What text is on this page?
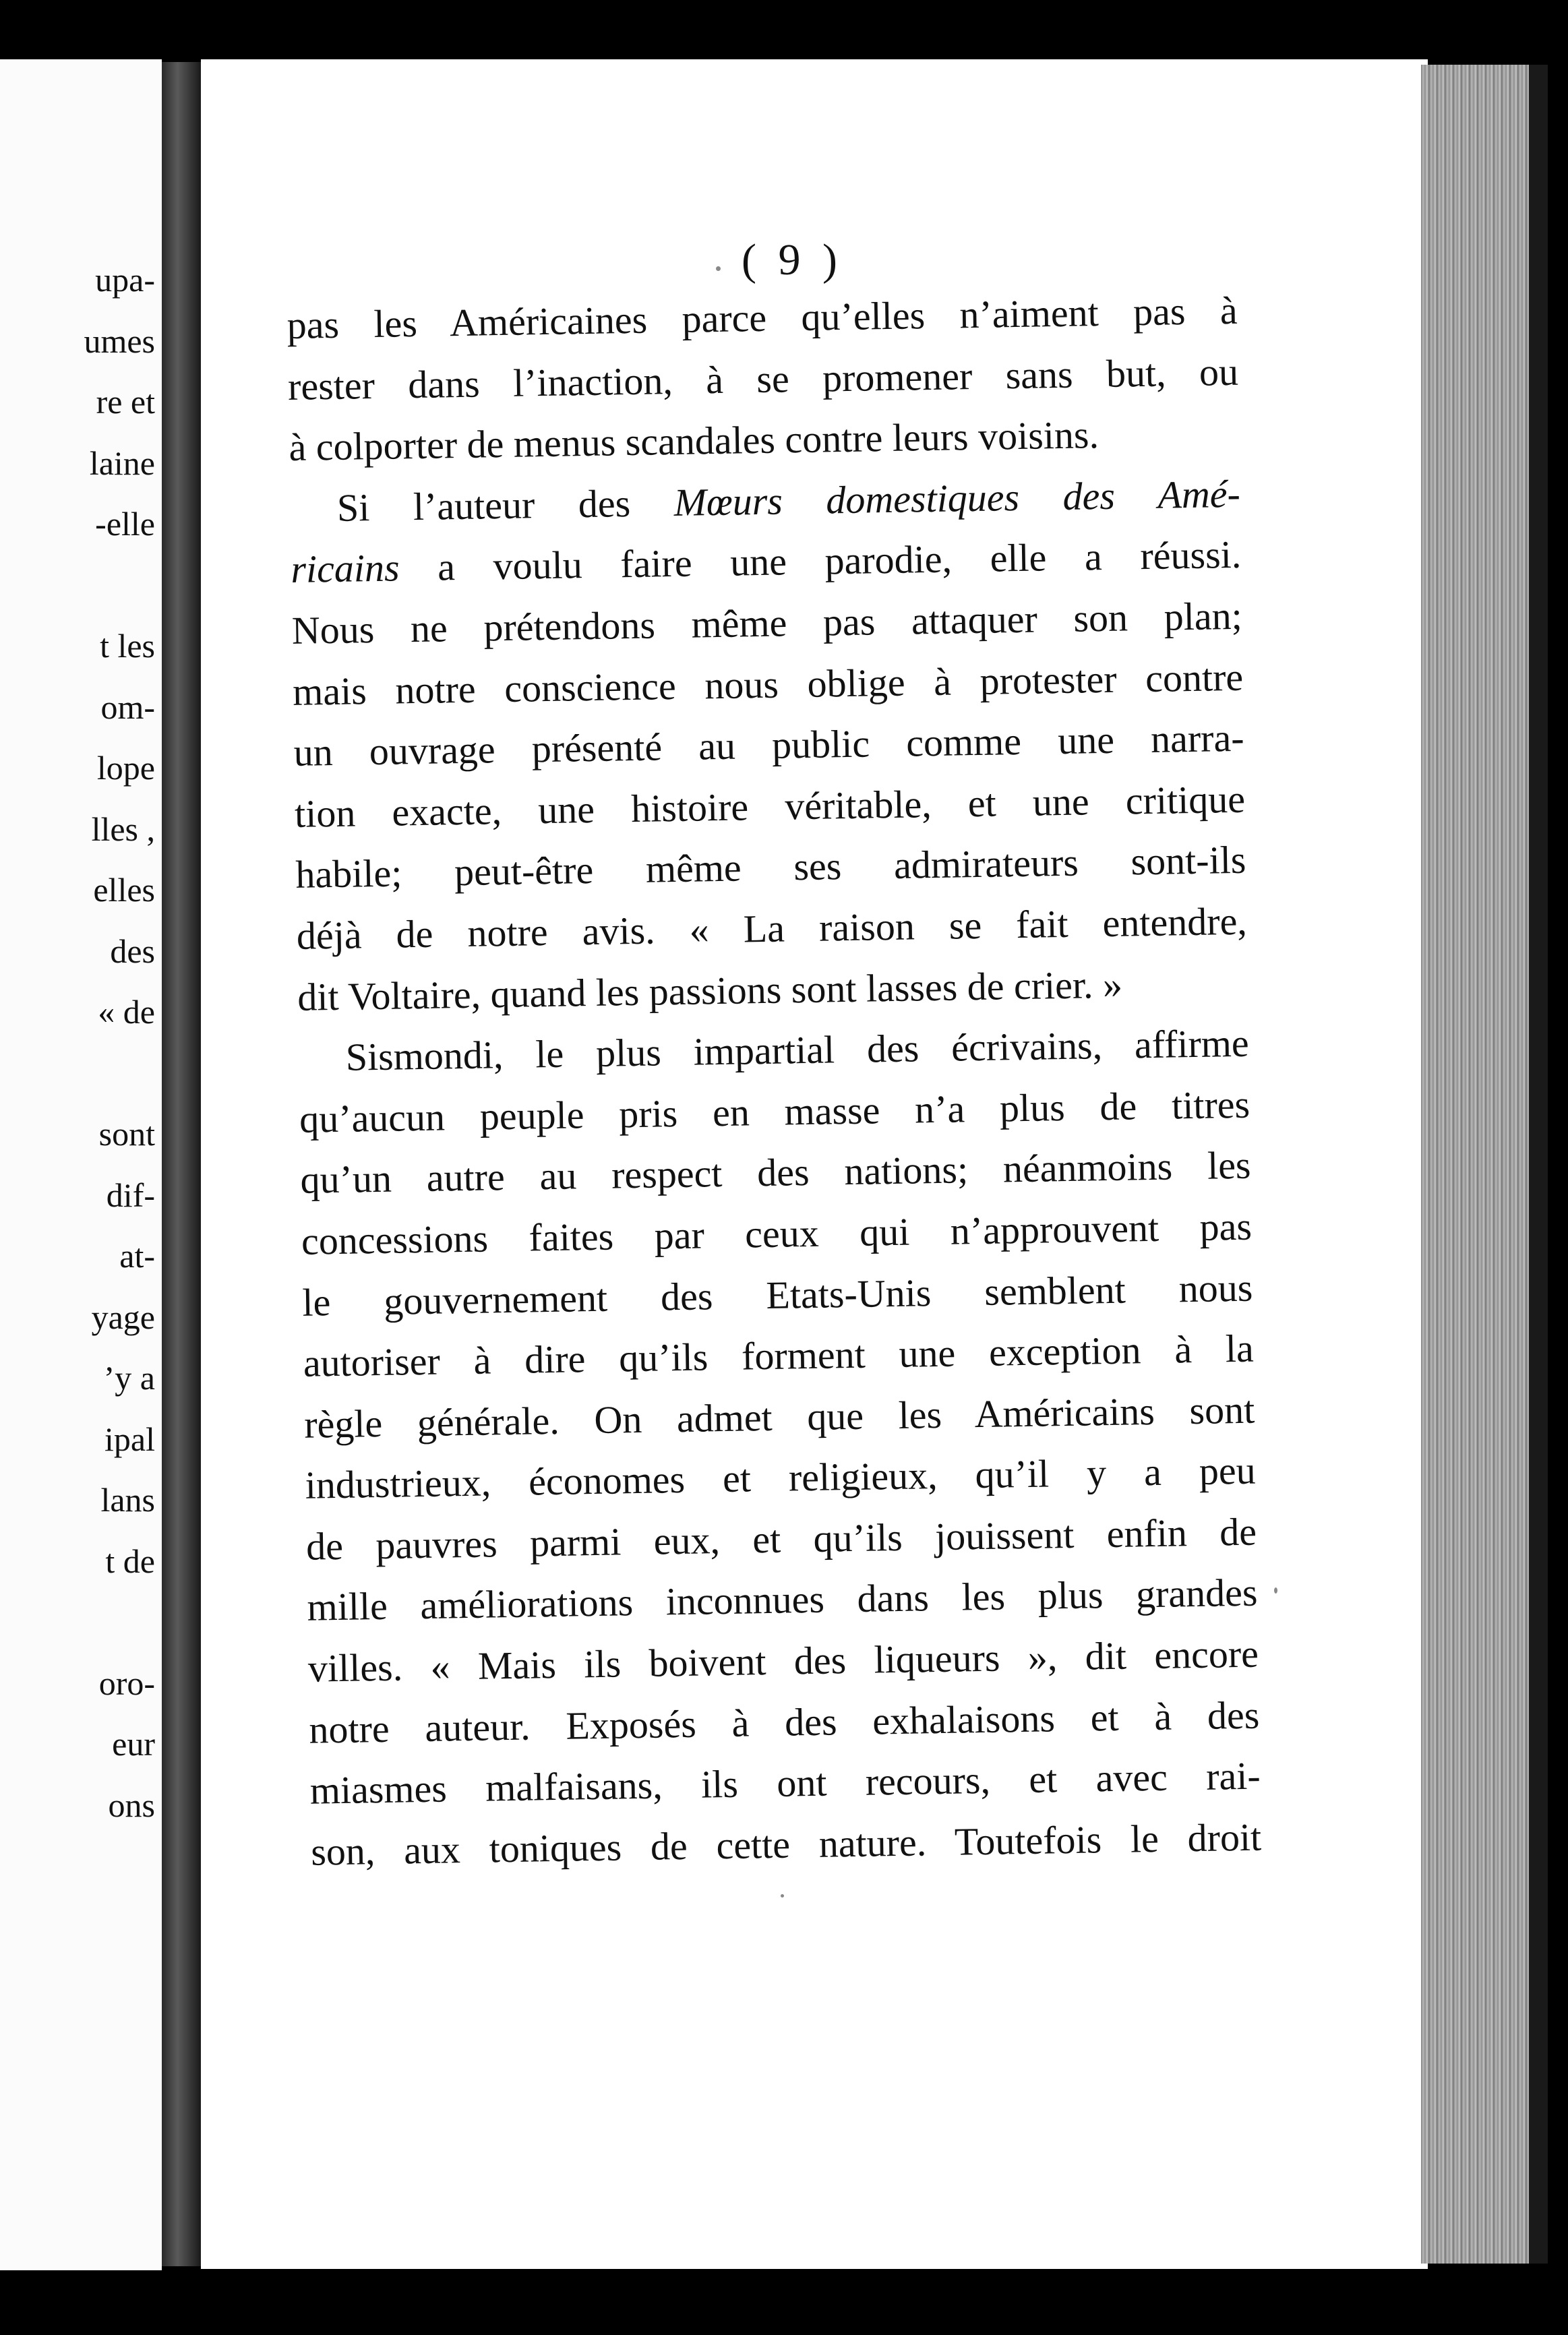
upa-
umes
re et
laine
-elle
t les
om-
lope
lles ,
elles
des
« de
sont
dif-
at-
yage
’y a
ipal
lans
t de
oro-
eur
ons
( 9 )
pas les Américaines parce qu’elles n’aiment pas à
rester dans l’inaction, à se promener sans but, ou
à colporter de menus scandales contre leurs voisins.
Si l’auteur des Mœurs domestiques des Amé-
ricains a voulu faire une parodie, elle a réussi.
Nous ne prétendons même pas attaquer son plan;
mais notre conscience nous oblige à protester contre
un ouvrage présenté au public comme une narra-
tion exacte, une histoire véritable, et une critique
habile; peut-être même ses admirateurs sont-ils
déjà de notre avis. « La raison se fait entendre,
dit Voltaire, quand les passions sont lasses de crier. »
Sismondi, le plus impartial des écrivains, affirme
qu’aucun peuple pris en masse n’a plus de titres
qu’un autre au respect des nations; néanmoins les
concessions faites par ceux qui n’approuvent pas
le gouvernement des Etats-Unis semblent nous
autoriser à dire qu’ils forment une exception à la
règle générale. On admet que les Américains sont
industrieux, économes et religieux, qu’il y a peu
de pauvres parmi eux, et qu’ils jouissent enfin de
mille améliorations inconnues dans les plus grandes
villes. « Mais ils boivent des liqueurs », dit encore
notre auteur. Exposés à des exhalaisons et à des
miasmes malfaisans, ils ont recours, et avec rai-
son, aux toniques de cette nature. Toutefois le droit
